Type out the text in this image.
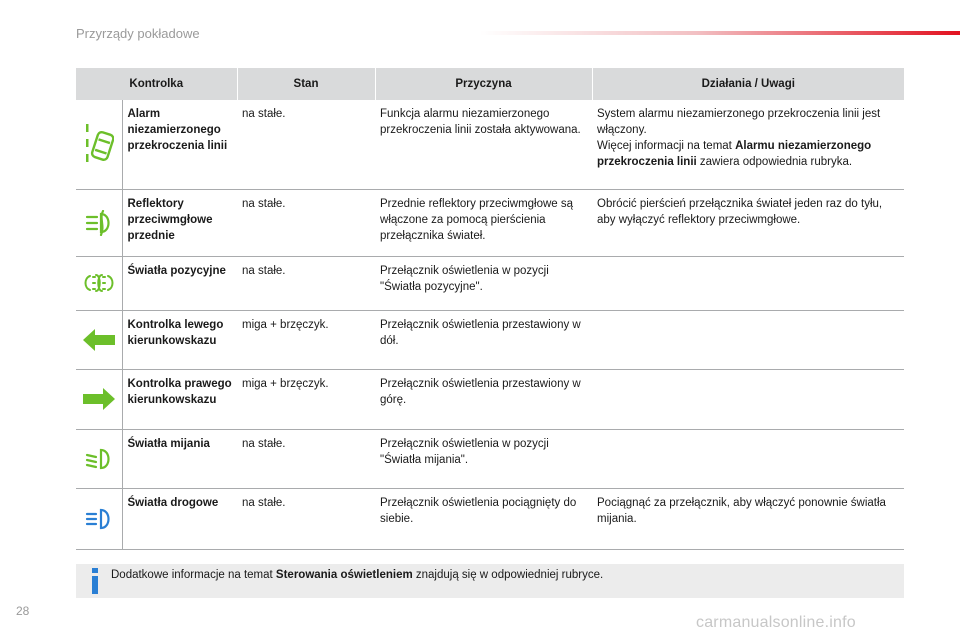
Przyrządy pokładowe
Kontrolka		Stan	Przyczyna	Działania / Uwagi
	Alarm niezamierzonego przekroczenia linii	na stałe.	Funkcja alarmu niezamierzonego przekroczenia linii została aktywowana.	System alarmu niezamierzonego przekroczenia linii jest włączony.
Więcej informacji na temat Alarmu niezamierzonego przekroczenia linii zawiera odpowiednia rubryka.
	Reflektory przeciwmgłowe przednie	na stałe.	Przednie reflektory przeciwmgłowe są włączone za pomocą pierścienia przełącznika świateł.	Obrócić pierścień przełącznika świateł jeden raz do tyłu, aby wyłączyć reflektory przeciwmgłowe.
	Światła pozycyjne	na stałe.	Przełącznik oświetlenia w pozycji "Światła pozycyjne".	
	Kontrolka lewego kierunkowskazu	miga + brzęczyk.	Przełącznik oświetlenia przestawiony w dół.	
	Kontrolka prawego kierunkowskazu	miga + brzęczyk.	Przełącznik oświetlenia przestawiony w górę.	
	Światła mijania	na stałe.	Przełącznik oświetlenia w pozycji "Światła mijania".	
	Światła drogowe	na stałe.	Przełącznik oświetlenia pociągnięty do siebie.	Pociągnąć za przełącznik, aby włączyć ponownie światła mijania.
Dodatkowe informacje na temat Sterowania oświetleniem znajdują się w odpowiedniej rubryce.
28
carmanualsonline.info
